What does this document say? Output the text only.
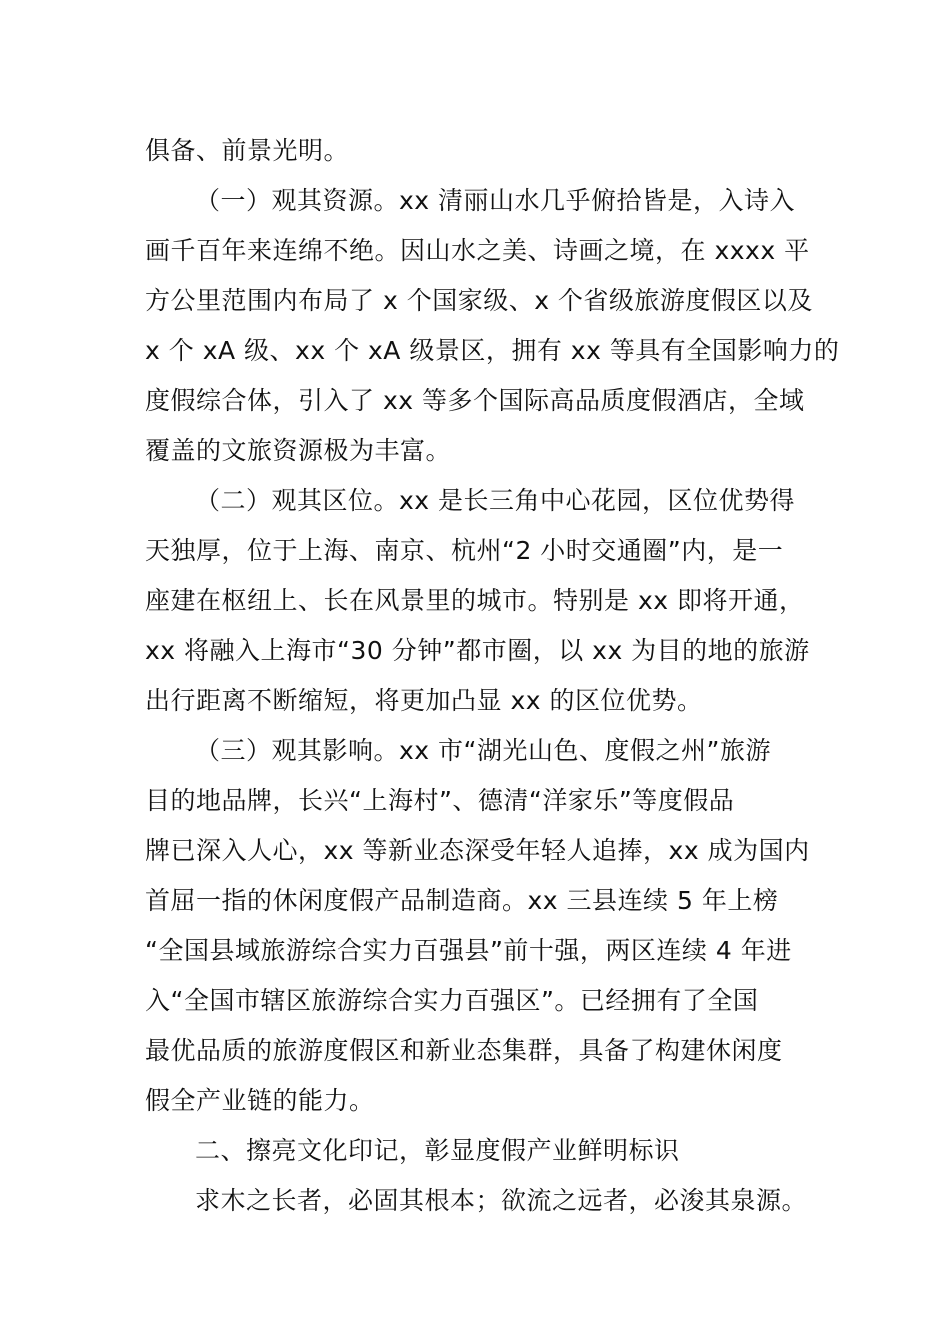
俱备、前景光明。
（一）观其资源。xx 清丽山水几乎俯拾皆是，入诗入
画千百年来连绵不绝。因山水之美、诗画之境，在 xxxx 平
方公里范围内布局了 x 个国家级、x 个省级旅游度假区以及
x 个 xA 级、xx 个 xA 级景区，拥有 xx 等具有全国影响力的
度假综合体，引入了 xx 等多个国际高品质度假酒店，全域
覆盖的文旅资源极为丰富。
（二）观其区位。xx 是长三角中心花园，区位优势得
天独厚，位于上海、南京、杭州“2 小时交通圈”内，是一
座建在枢纽上、长在风景里的城市。特别是 xx 即将开通，
xx 将融入上海市“30 分钟”都市圈，以 xx 为目的地的旅游
出行距离不断缩短，将更加凸显 xx 的区位优势。
（三）观其影响。xx 市“湖光山色、度假之州”旅游
目的地品牌，长兴“上海村”、德清“洋家乐”等度假品
牌已深入人心，xx 等新业态深受年轻人追捧，xx 成为国内
首屈一指的休闲度假产品制造商。xx 三县连续 5 年上榜
“全国县域旅游综合实力百强县”前十强，两区连续 4 年进
入“全国市辖区旅游综合实力百强区”。已经拥有了全国
最优品质的旅游度假区和新业态集群，具备了构建休闲度
假全产业链的能力。
二、擦亮文化印记，彰显度假产业鲜明标识
求木之长者，必固其根本；欲流之远者，必浚其泉源。
